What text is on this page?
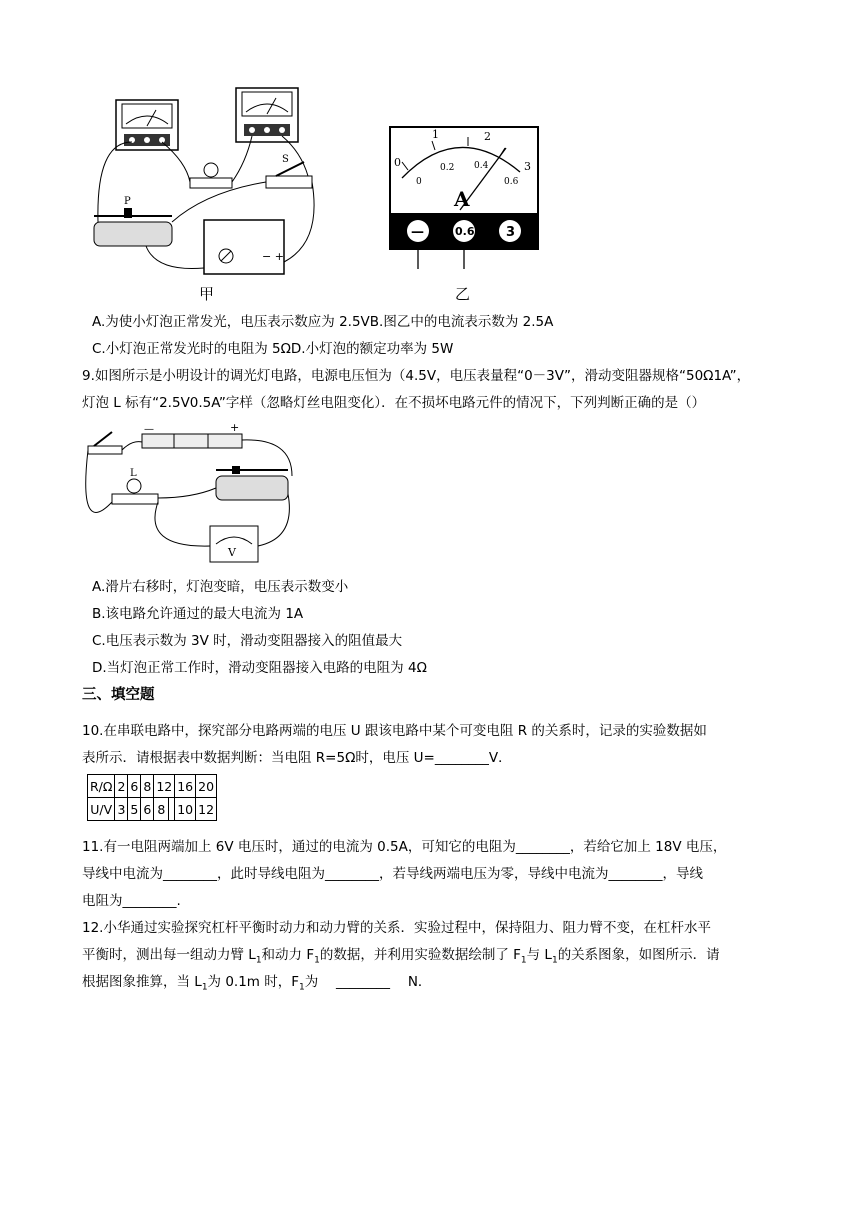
S
P
− +
甲
0
1	2
3
0
0.2 0.4
0.6
A
—	0.6 3
乙
A.为使小灯泡正常发光，电压表示数应为 2.5VB.图乙中的电流表示数为 2.5A
C.小灯泡正常发光时的电阻为 5ΩD.小灯泡的额定功率为 5W
9.如图所示是小明设计的调光灯电路，电源电压恒为（4.5V，电压表量程“0－3V”，滑动变阻器规格“50Ω1A”，
灯泡 L 标有“2.5V0.5A”字样（忽略灯丝电阻变化）．在不损坏电路元件的情况下，下列判断正确的是（）
—	+
L
V
A.滑片右移时，灯泡变暗，电压表示数变小
B.该电路允许通过的最大电流为 1A
C.电压表示数为 3V 时，滑动变阻器接入的阻值最大
D.当灯泡正常工作时，滑动变阻器接入电路的电阻为 4Ω
三、填空题
10.在串联电路中，探究部分电路两端的电压 U 跟该电路中某个可变电阻 R 的关系时，记录的实验数据如
表所示．请根据表中数据判断：当电阻 R=5Ω时，电压 U=________V．
R/Ω	2	6	8	12		16	20
U/V	3	5	6	8		10	12
11.有一电阻两端加上 6V 电压时，通过的电流为 0.5A，可知它的电阻为________，若给它加上 18V 电压，
导线中电流为________，此时导线电阻为________，若导线两端电压为零，导线中电流为________，导线
电阻为________.
12.小华通过实验探究杠杆平衡时动力和动力臂的关系．实验过程中，保持阻力、阻力臂不变，在杠杆水平
平衡时，测出每一组动力臂 $L_1$和动力 $F_1$的数据，并利用实验数据绘制了 $F_1$与 $L_1$的关系图象，如图所示．请
根据图象推算，当 $L_1$为 0.1m 时，$F_1$为　 ________　 N．
